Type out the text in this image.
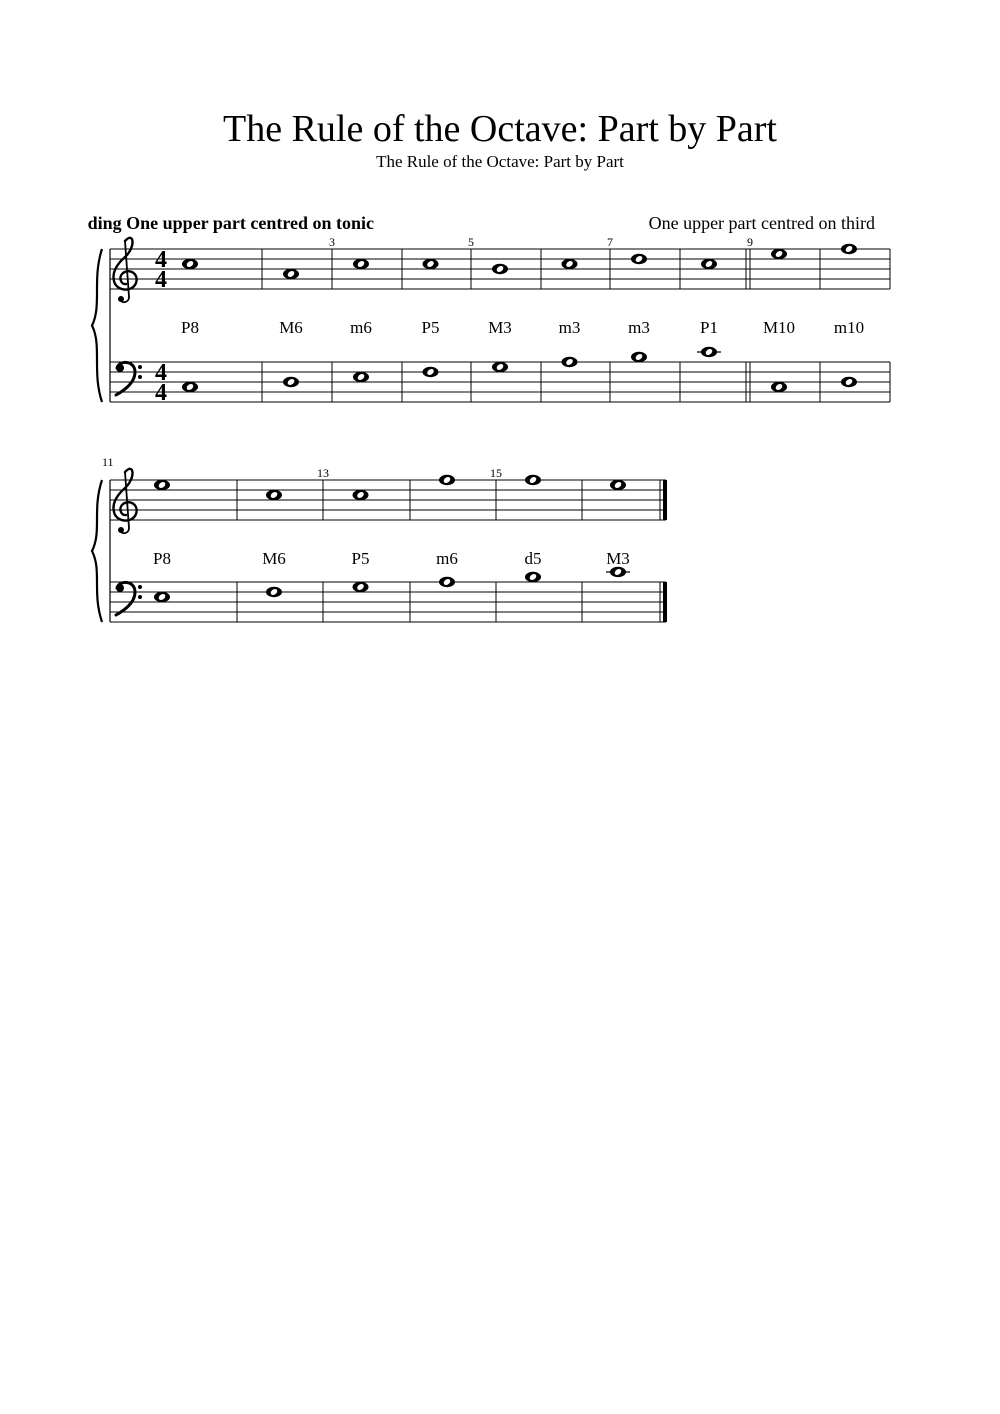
The Rule of the Octave: Part by Part
The Rule of the Octave: Part by Part
4
4
4
4
P8	M6	m6	P5	M3	m3	m3	P1	M10 m10
3	5	7	9
ding One upper part centred on tonic	One upper part centred on third
P8	M6	P5	m6	d5	M3
13	15
11
